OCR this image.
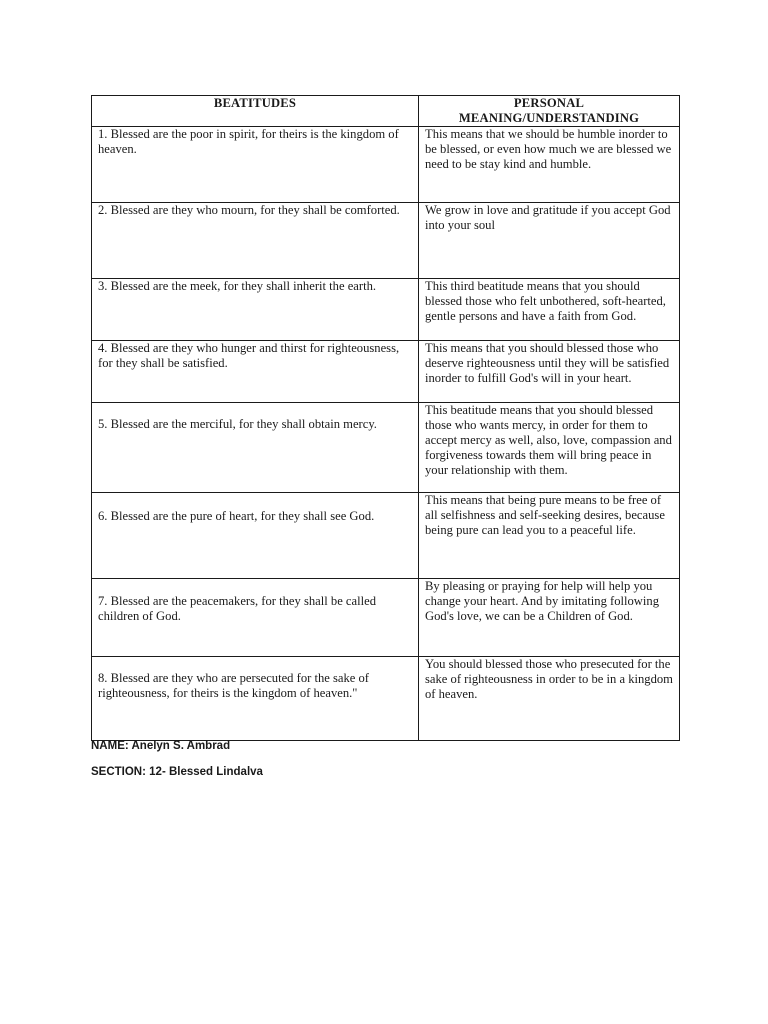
BEATITUDES	PERSONAL MEANING/UNDERSTANDING

1. Blessed are the poor in spirit, for theirs is the kingdom of heaven.	This means that we should be humble inorder to be blessed, or even how much we are blessed we need to be stay kind and humble.

2. Blessed are they who mourn, for they shall be comforted.	We grow in love and gratitude if you accept God into your soul

3. Blessed are the meek, for they shall inherit the earth.	This third beatitude means that you should blessed those who felt unbothered, soft-hearted, gentle persons and have a faith from God.

4. Blessed are they who hunger and thirst for righteousness, for they shall be satisfied.	This means that you should blessed those who deserve righteousness until they will be satisfied inorder to fulfill God's will in your heart.

5. Blessed are the merciful, for they shall obtain mercy.	This beatitude means that you should blessed those who wants mercy, in order for them to accept mercy as well, also, love, compassion and forgiveness towards them will bring peace in your relationship with them.

6. Blessed are the pure of heart, for they shall see God.	This means that being pure means to be free of all selfishness and self-seeking desires, because being pure can lead you to a peaceful life.

7. Blessed are the peacemakers, for they shall be called children of God.	By pleasing or praying for help will help you change your heart. And by imitating following God's love, we can be a Children of God.

8. Blessed are they who are persecuted for the sake of righteousness, for theirs is the kingdom of heaven."	You should blessed those who presecuted for the sake of righteousness in order to be in a kingdom of heaven.
NAME: Anelyn S. Ambrad
SECTION: 12- Blessed Lindalva
